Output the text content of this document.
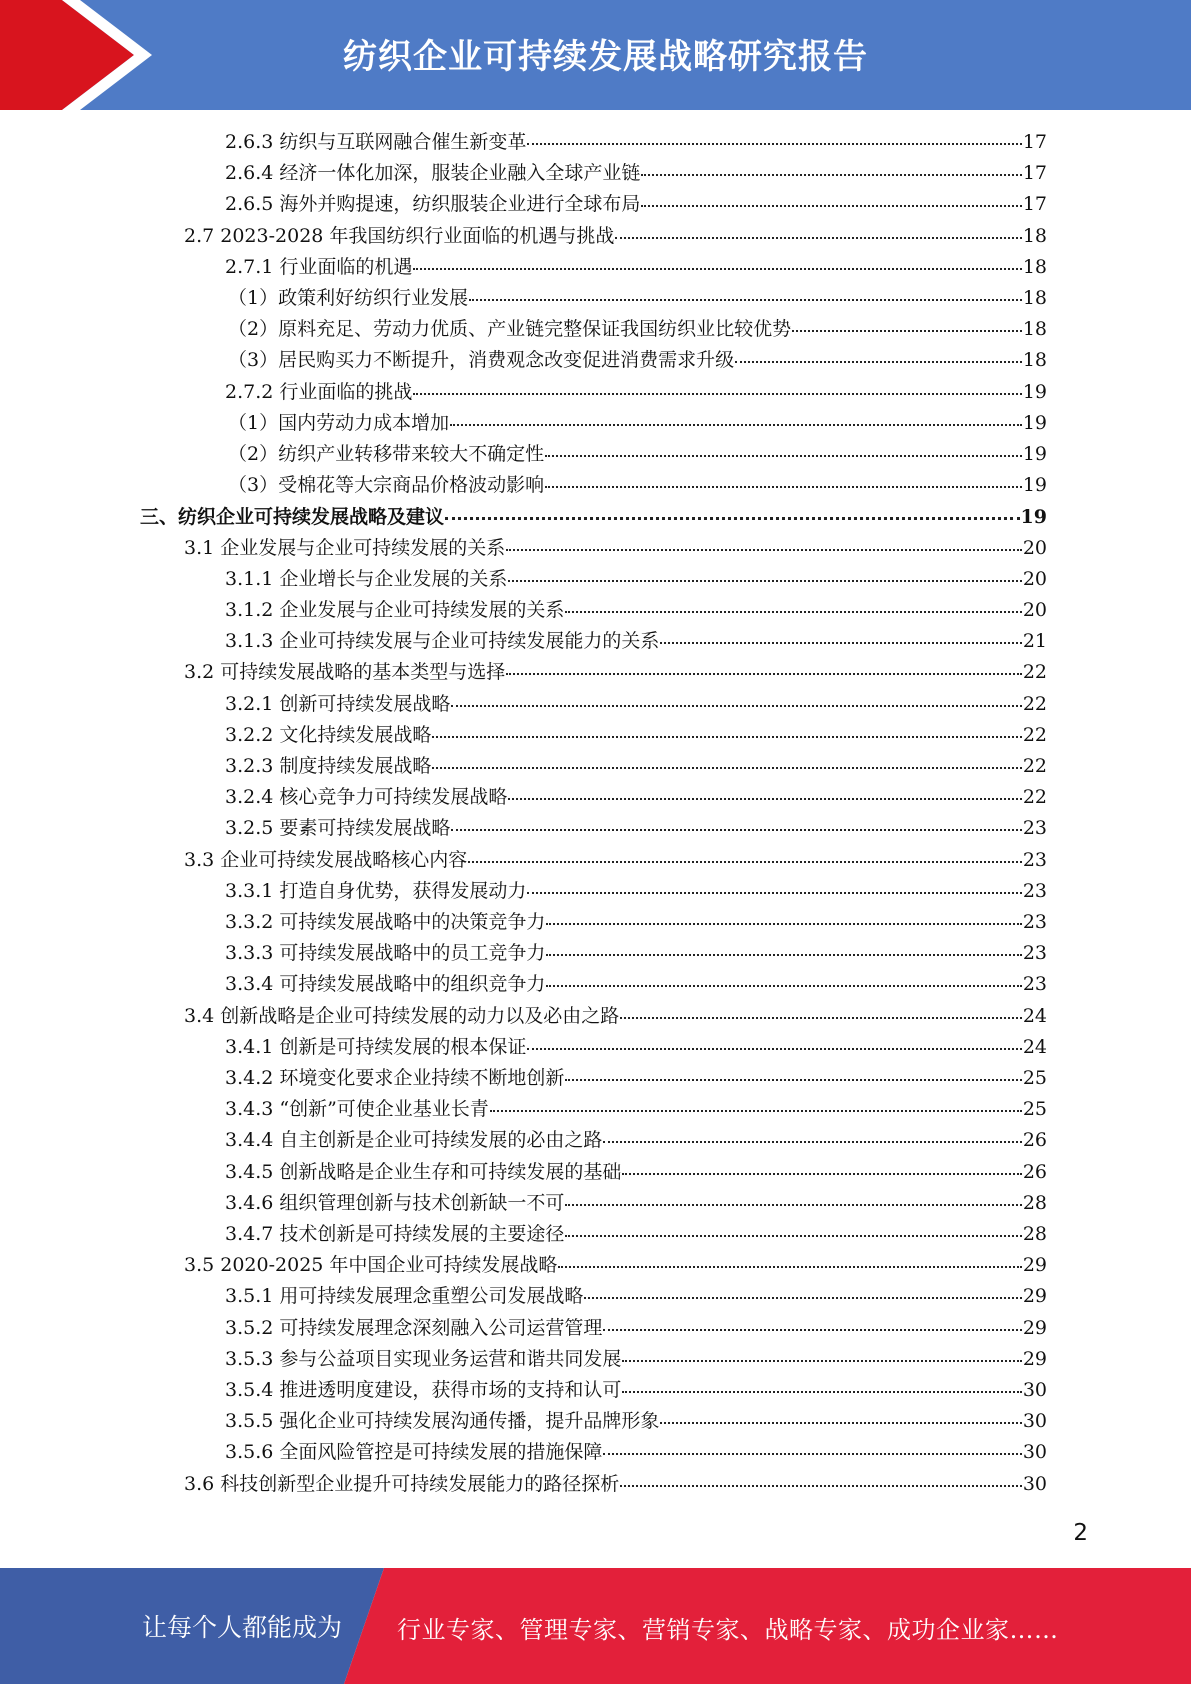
纺织企业可持续发展战略研究报告
2.6.3 纺织与互联网融合催生新变革	17
2.6.4 经济一体化加深，服装企业融入全球产业链	17
2.6.5 海外并购提速，纺织服装企业进行全球布局	17
2.7 2023-2028 年我国纺织行业面临的机遇与挑战	18
2.7.1 行业面临的机遇	18
（1）政策利好纺织行业发展	18
（2）原料充足、劳动力优质、产业链完整保证我国纺织业比较优势	18
（3）居民购买力不断提升，消费观念改变促进消费需求升级	18
2.7.2 行业面临的挑战	19
（1）国内劳动力成本增加	19
（2）纺织产业转移带来较大不确定性	19
（3）受棉花等大宗商品价格波动影响	19
三、纺织企业可持续发展战略及建议	19
3.1 企业发展与企业可持续发展的关系	20
3.1.1 企业增长与企业发展的关系	20
3.1.2 企业发展与企业可持续发展的关系	20
3.1.3 企业可持续发展与企业可持续发展能力的关系	21
3.2 可持续发展战略的基本类型与选择	22
3.2.1 创新可持续发展战略	22
3.2.2 文化持续发展战略	22
3.2.3 制度持续发展战略	22
3.2.4 核心竞争力可持续发展战略	22
3.2.5 要素可持续发展战略	23
3.3 企业可持续发展战略核心内容	23
3.3.1 打造自身优势，获得发展动力	23
3.3.2 可持续发展战略中的决策竞争力	23
3.3.3 可持续发展战略中的员工竞争力	23
3.3.4 可持续发展战略中的组织竞争力	23
3.4 创新战略是企业可持续发展的动力以及必由之路	24
3.4.1 创新是可持续发展的根本保证	24
3.4.2 环境变化要求企业持续不断地创新	25
3.4.3 “创新”可使企业基业长青	25
3.4.4 自主创新是企业可持续发展的必由之路	26
3.4.5 创新战略是企业生存和可持续发展的基础	26
3.4.6 组织管理创新与技术创新缺一不可	28
3.4.7 技术创新是可持续发展的主要途径	28
3.5 2020-2025 年中国企业可持续发展战略	29
3.5.1 用可持续发展理念重塑公司发展战略	29
3.5.2 可持续发展理念深刻融入公司运营管理	29
3.5.3 参与公益项目实现业务运营和谐共同发展	29
3.5.4 推进透明度建设，获得市场的支持和认可	30
3.5.5 强化企业可持续发展沟通传播，提升品牌形象	30
3.5.6 全面风险管控是可持续发展的措施保障	30
3.6 科技创新型企业提升可持续发展能力的路径探析	30
2
让每个人都能成为 行业专家、管理专家、营销专家、战略专家、成功企业家……
